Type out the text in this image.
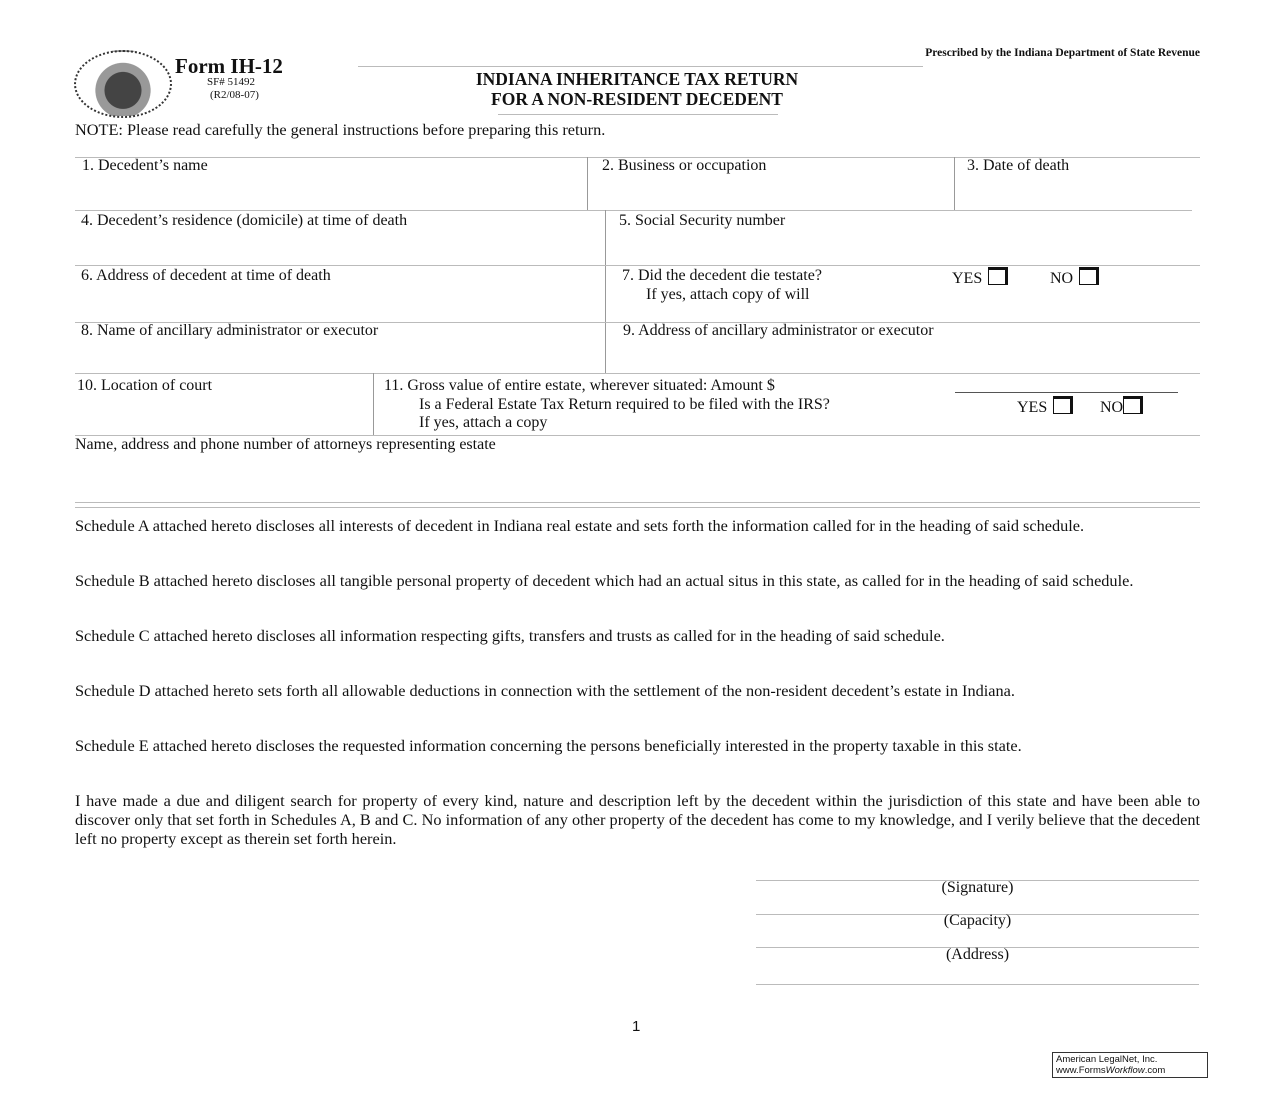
Form IH-12
SF# 51492
(R2/08-07)
Prescribed by the Indiana Department of State Revenue
INDIANA INHERITANCE TAX RETURN
FOR A NON-RESIDENT DECEDENT
NOTE: Please read carefully the general instructions before preparing this return.
1. Decedent’s name	2. Business or occupation	3. Date of death
4. Decedent’s residence (domicile) at time of death	5. Social Security number
6. Address of decedent at time of death	7. Did the decedent die testate?	YES	NO
If yes, attach copy of will
8. Name of ancillary administrator or executor	9. Address of ancillary administrator or executor
10. Location of court	11. Gross value of entire estate, wherever situated: Amount $
Is a Federal Estate Tax Return required to be filed with the IRS?	YES	NO
If yes, attach a copy
Name, address and phone number of attorneys representing estate
Schedule A attached hereto discloses all interests of decedent in Indiana real estate and sets forth the information called for in the heading of said schedule.
Schedule B attached hereto discloses all tangible personal property of decedent which had an actual situs in this state, as called for in the heading of said schedule.
Schedule C attached hereto discloses all information respecting gifts, transfers and trusts as called for in the heading of said schedule.
Schedule D attached hereto sets forth all allowable deductions in connection with the settlement of the non-resident decedent’s estate in Indiana.
Schedule E attached hereto discloses the requested information concerning the persons beneficially interested in the property taxable in this state.
I have made a due and diligent search for property of every kind, nature and description left by the decedent within the jurisdiction of this state and have been able to discover only that set forth in Schedules A, B and C. No information of any other property of the decedent has come to my knowledge, and I verily believe that the decedent left no property except as therein set forth herein.
(Signature)
(Capacity)
(Address)
1
American LegalNet, Inc.
www.FormsWorkflow.com
